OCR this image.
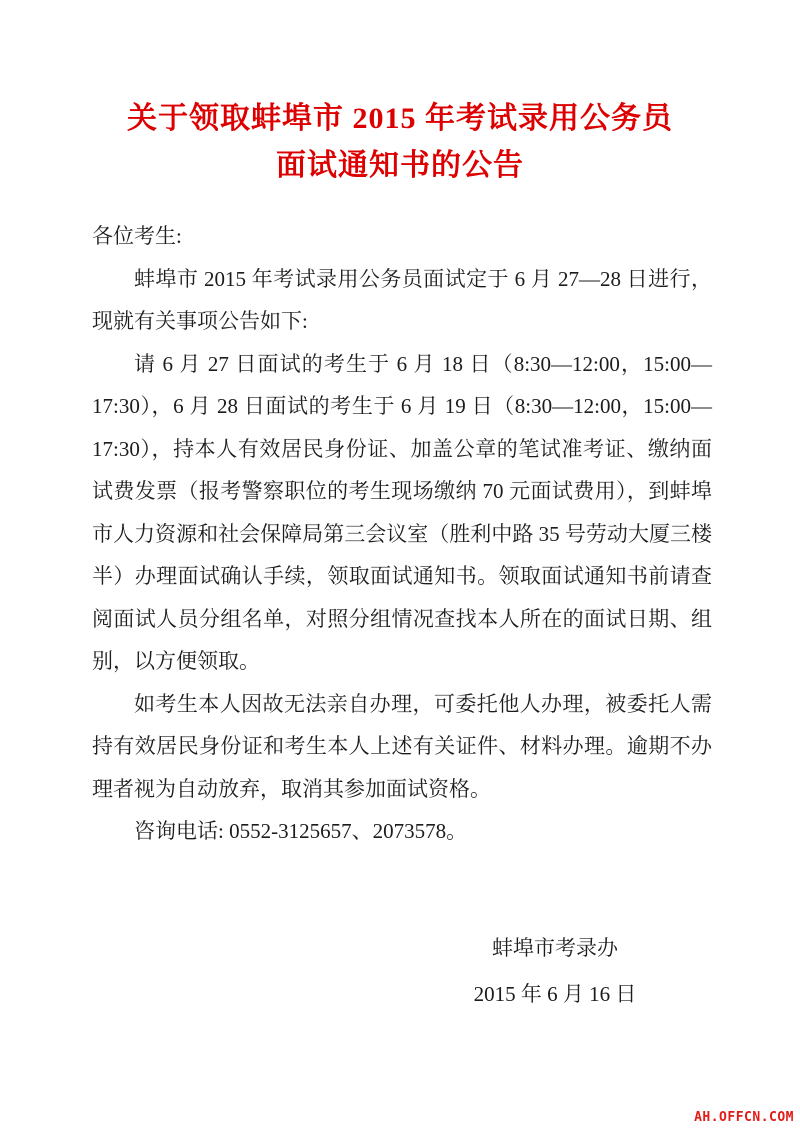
关于领取蚌埠市 2015 年考试录用公务员
面试通知书的公告

各位考生:

蚌埠市 2015 年考试录用公务员面试定于 6 月 27—28 日进行，现就有关事项公告如下:

请 6 月 27 日面试的考生于 6 月 18 日（8:30—12:00，15:00—17:30），6 月 28 日面试的考生于 6 月 19 日（8:30—12:00，15:00—17:30），持本人有效居民身份证、加盖公章的笔试准考证、缴纳面试费发票（报考警察职位的考生现场缴纳 70 元面试费用），到蚌埠市人力资源和社会保障局第三会议室（胜利中路 35 号劳动大厦三楼半）办理面试确认手续，领取面试通知书。领取面试通知书前请查阅面试人员分组名单，对照分组情况查找本人所在的面试日期、组别，以方便领取。

如考生本人因故无法亲自办理，可委托他人办理，被委托人需持有效居民身份证和考生本人上述有关证件、材料办理。逾期不办理者视为自动放弃，取消其参加面试资格。

咨询电话: 0552-3125657、2073578。

蚌埠市考录办
2015 年 6 月 16 日
AH.OFFCN.COM
